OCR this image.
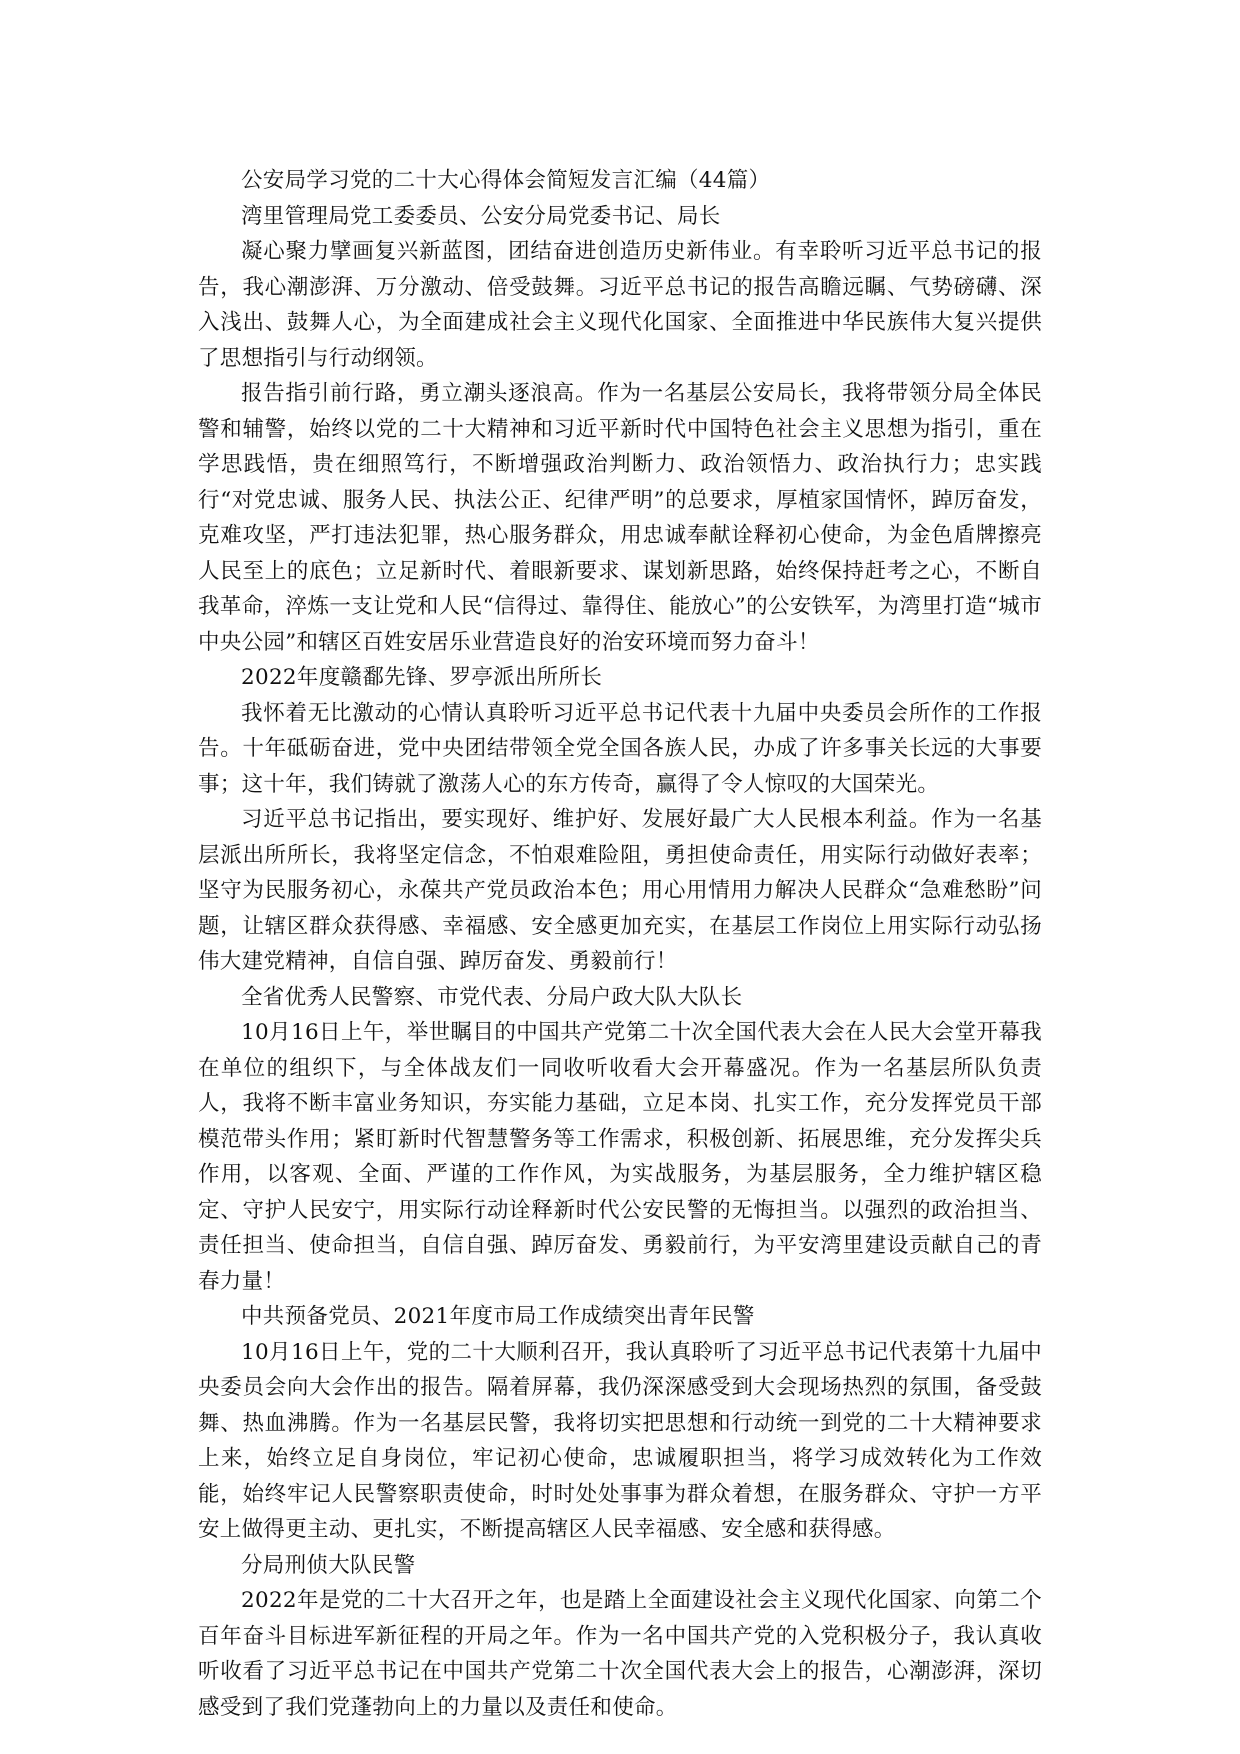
公安局学习党的二十大心得体会简短发言汇编（44篇）

湾里管理局党工委委员、公安分局党委书记、局长

凝心聚力擘画复兴新蓝图，团结奋进创造历史新伟业。有幸聆听习近平总书记的报告，我心潮澎湃、万分激动、倍受鼓舞。习近平总书记的报告高瞻远瞩、气势磅礴、深入浅出、鼓舞人心，为全面建成社会主义现代化国家、全面推进中华民族伟大复兴提供了思想指引与行动纲领。

报告指引前行路，勇立潮头逐浪高。作为一名基层公安局长，我将带领分局全体民警和辅警，始终以党的二十大精神和习近平新时代中国特色社会主义思想为指引，重在学思践悟，贵在细照笃行，不断增强政治判断力、政治领悟力、政治执行力；忠实践行“对党忠诚、服务人民、执法公正、纪律严明”的总要求，厚植家国情怀，踔厉奋发，克难攻坚，严打违法犯罪，热心服务群众，用忠诚奉献诠释初心使命，为金色盾牌擦亮人民至上的底色；立足新时代、着眼新要求、谋划新思路，始终保持赶考之心，不断自我革命，淬炼一支让党和人民“信得过、靠得住、能放心”的公安铁军，为湾里打造“城市中央公园”和辖区百姓安居乐业营造良好的治安环境而努力奋斗！

2022年度赣鄱先锋、罗亭派出所所长

我怀着无比激动的心情认真聆听习近平总书记代表十九届中央委员会所作的工作报告。十年砥砺奋进，党中央团结带领全党全国各族人民，办成了许多事关长远的大事要事；这十年，我们铸就了激荡人心的东方传奇，赢得了令人惊叹的大国荣光。

习近平总书记指出，要实现好、维护好、发展好最广大人民根本利益。作为一名基层派出所所长，我将坚定信念，不怕艰难险阻，勇担使命责任，用实际行动做好表率；坚守为民服务初心，永葆共产党员政治本色；用心用情用力解决人民群众“急难愁盼”问题，让辖区群众获得感、幸福感、安全感更加充实，在基层工作岗位上用实际行动弘扬伟大建党精神，自信自强、踔厉奋发、勇毅前行！

全省优秀人民警察、市党代表、分局户政大队大队长

10月16日上午，举世瞩目的中国共产党第二十次全国代表大会在人民大会堂开幕我在单位的组织下，与全体战友们一同收听收看大会开幕盛况。作为一名基层所队负责人，我将不断丰富业务知识，夯实能力基础，立足本岗、扎实工作，充分发挥党员干部模范带头作用；紧盯新时代智慧警务等工作需求，积极创新、拓展思维，充分发挥尖兵作用，以客观、全面、严谨的工作作风，为实战服务，为基层服务，全力维护辖区稳定、守护人民安宁，用实际行动诠释新时代公安民警的无悔担当。以强烈的政治担当、责任担当、使命担当，自信自强、踔厉奋发、勇毅前行，为平安湾里建设贡献自己的青春力量！

中共预备党员、2021年度市局工作成绩突出青年民警

10月16日上午，党的二十大顺利召开，我认真聆听了习近平总书记代表第十九届中央委员会向大会作出的报告。隔着屏幕，我仍深深感受到大会现场热烈的氛围，备受鼓舞、热血沸腾。作为一名基层民警，我将切实把思想和行动统一到党的二十大精神要求上来，始终立足自身岗位，牢记初心使命，忠诚履职担当，将学习成效转化为工作效能，始终牢记人民警察职责使命，时时处处事事为群众着想，在服务群众、守护一方平安上做得更主动、更扎实，不断提高辖区人民幸福感、安全感和获得感。

分局刑侦大队民警

2022年是党的二十大召开之年，也是踏上全面建设社会主义现代化国家、向第二个百年奋斗目标进军新征程的开局之年。作为一名中国共产党的入党积极分子，我认真收听收看了习近平总书记在中国共产党第二十次全国代表大会上的报告，心潮澎湃，深切感受到了我们党蓬勃向上的力量以及责任和使命。
